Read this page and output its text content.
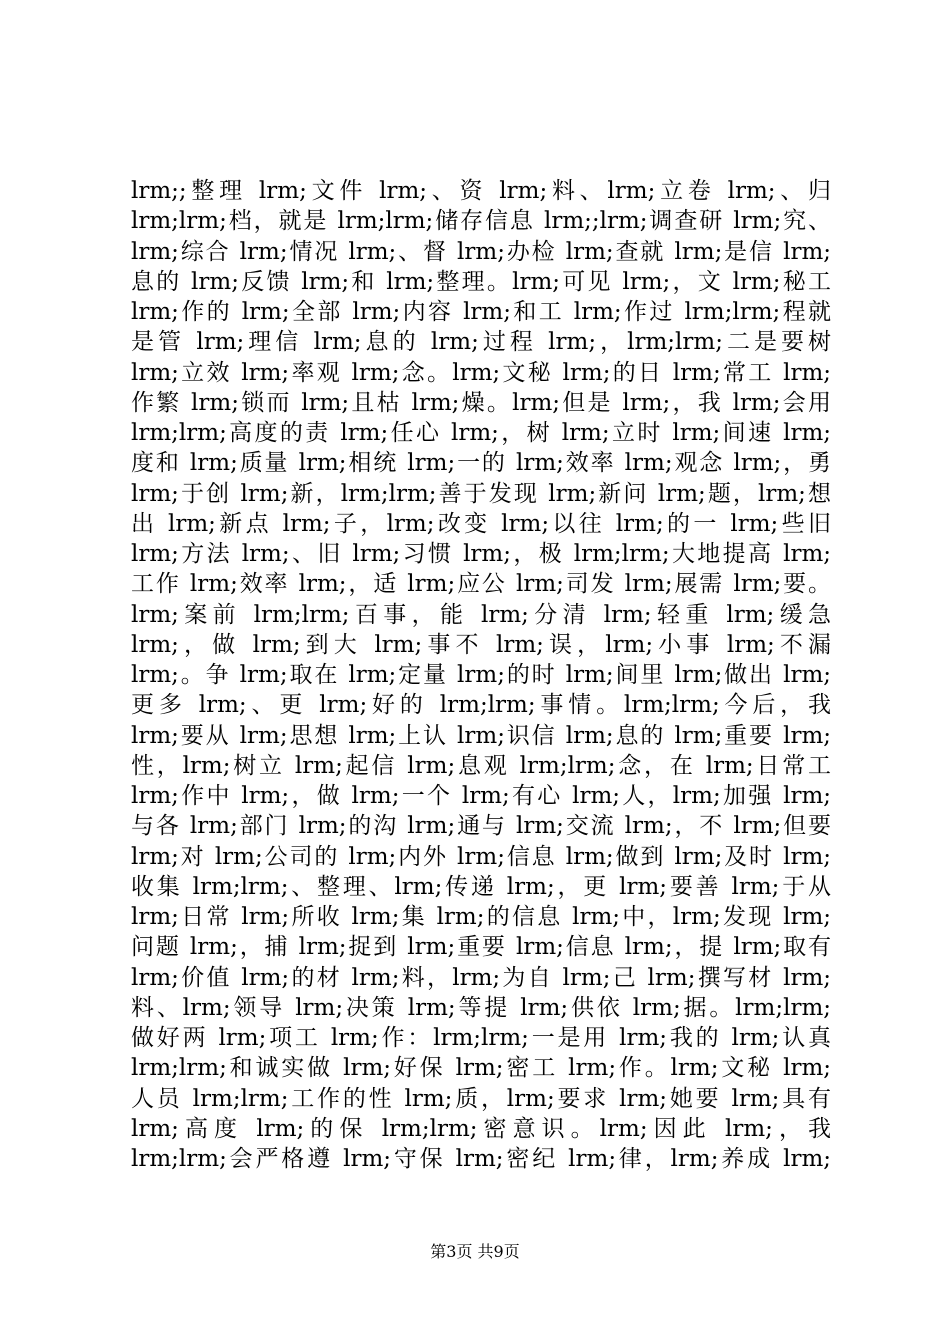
lrm;;整理 lrm;文件 lrm;、资 lrm;料、lrm;立卷 lrm;、归
lrm;lrm;档，就是 lrm;lrm;储存信息 lrm;;lrm;调查研 lrm;究、
lrm;综合 lrm;情况 lrm;、督 lrm;办检 lrm;查就 lrm;是信 lrm;
息的 lrm;反馈 lrm;和 lrm;整理。lrm;可见 lrm;，文 lrm;秘工
lrm;作的 lrm;全部 lrm;内容 lrm;和工 lrm;作过 lrm;lrm;程就
是管 lrm;理信 lrm;息的 lrm;过程 lrm;，lrm;lrm;二是要树
lrm;立效 lrm;率观 lrm;念。lrm;文秘 lrm;的日 lrm;常工 lrm;
作繁 lrm;锁而 lrm;且枯 lrm;燥。lrm;但是 lrm;，我 lrm;会用
lrm;lrm;高度的责 lrm;任心 lrm;，树 lrm;立时 lrm;间速 lrm;
度和 lrm;质量 lrm;相统 lrm;一的 lrm;效率 lrm;观念 lrm;，勇
lrm;于创 lrm;新，lrm;lrm;善于发现 lrm;新问 lrm;题，lrm;想
出 lrm;新点 lrm;子，lrm;改变 lrm;以往 lrm;的一 lrm;些旧
lrm;方法 lrm;、旧 lrm;习惯 lrm;，极 lrm;lrm;大地提高 lrm;
工作 lrm;效率 lrm;，适 lrm;应公 lrm;司发 lrm;展需 lrm;要。
lrm;案前 lrm;lrm;百事，能 lrm;分清 lrm;轻重 lrm;缓急
lrm;，做 lrm;到大 lrm;事不 lrm;误，lrm;小事 lrm;不漏
lrm;。争 lrm;取在 lrm;定量 lrm;的时 lrm;间里 lrm;做出 lrm;
更多 lrm;、更 lrm;好的 lrm;lrm;事情。lrm;lrm;今后，我
lrm;要从 lrm;思想 lrm;上认 lrm;识信 lrm;息的 lrm;重要 lrm;
性，lrm;树立 lrm;起信 lrm;息观 lrm;lrm;念，在 lrm;日常工
lrm;作中 lrm;，做 lrm;一个 lrm;有心 lrm;人，lrm;加强 lrm;
与各 lrm;部门 lrm;的沟 lrm;通与 lrm;交流 lrm;，不 lrm;但要
lrm;对 lrm;公司的 lrm;内外 lrm;信息 lrm;做到 lrm;及时 lrm;
收集 lrm;lrm;、整理、lrm;传递 lrm;，更 lrm;要善 lrm;于从
lrm;日常 lrm;所收 lrm;集 lrm;的信息 lrm;中，lrm;发现 lrm;
问题 lrm;，捕 lrm;捉到 lrm;重要 lrm;信息 lrm;，提 lrm;取有
lrm;价值 lrm;的材 lrm;料，lrm;为自 lrm;己 lrm;撰写材 lrm;
料、lrm;领导 lrm;决策 lrm;等提 lrm;供依 lrm;据。lrm;lrm;
做好两 lrm;项工 lrm;作：lrm;lrm;一是用 lrm;我的 lrm;认真
lrm;lrm;和诚实做 lrm;好保 lrm;密工 lrm;作。lrm;文秘 lrm;
人员 lrm;lrm;工作的性 lrm;质，lrm;要求 lrm;她要 lrm;具有
lrm;高度 lrm;的保 lrm;lrm;密意识。lrm;因此 lrm;，我
lrm;lrm;会严格遵 lrm;守保 lrm;密纪 lrm;律，lrm;养成 lrm;
第3页 共9页
